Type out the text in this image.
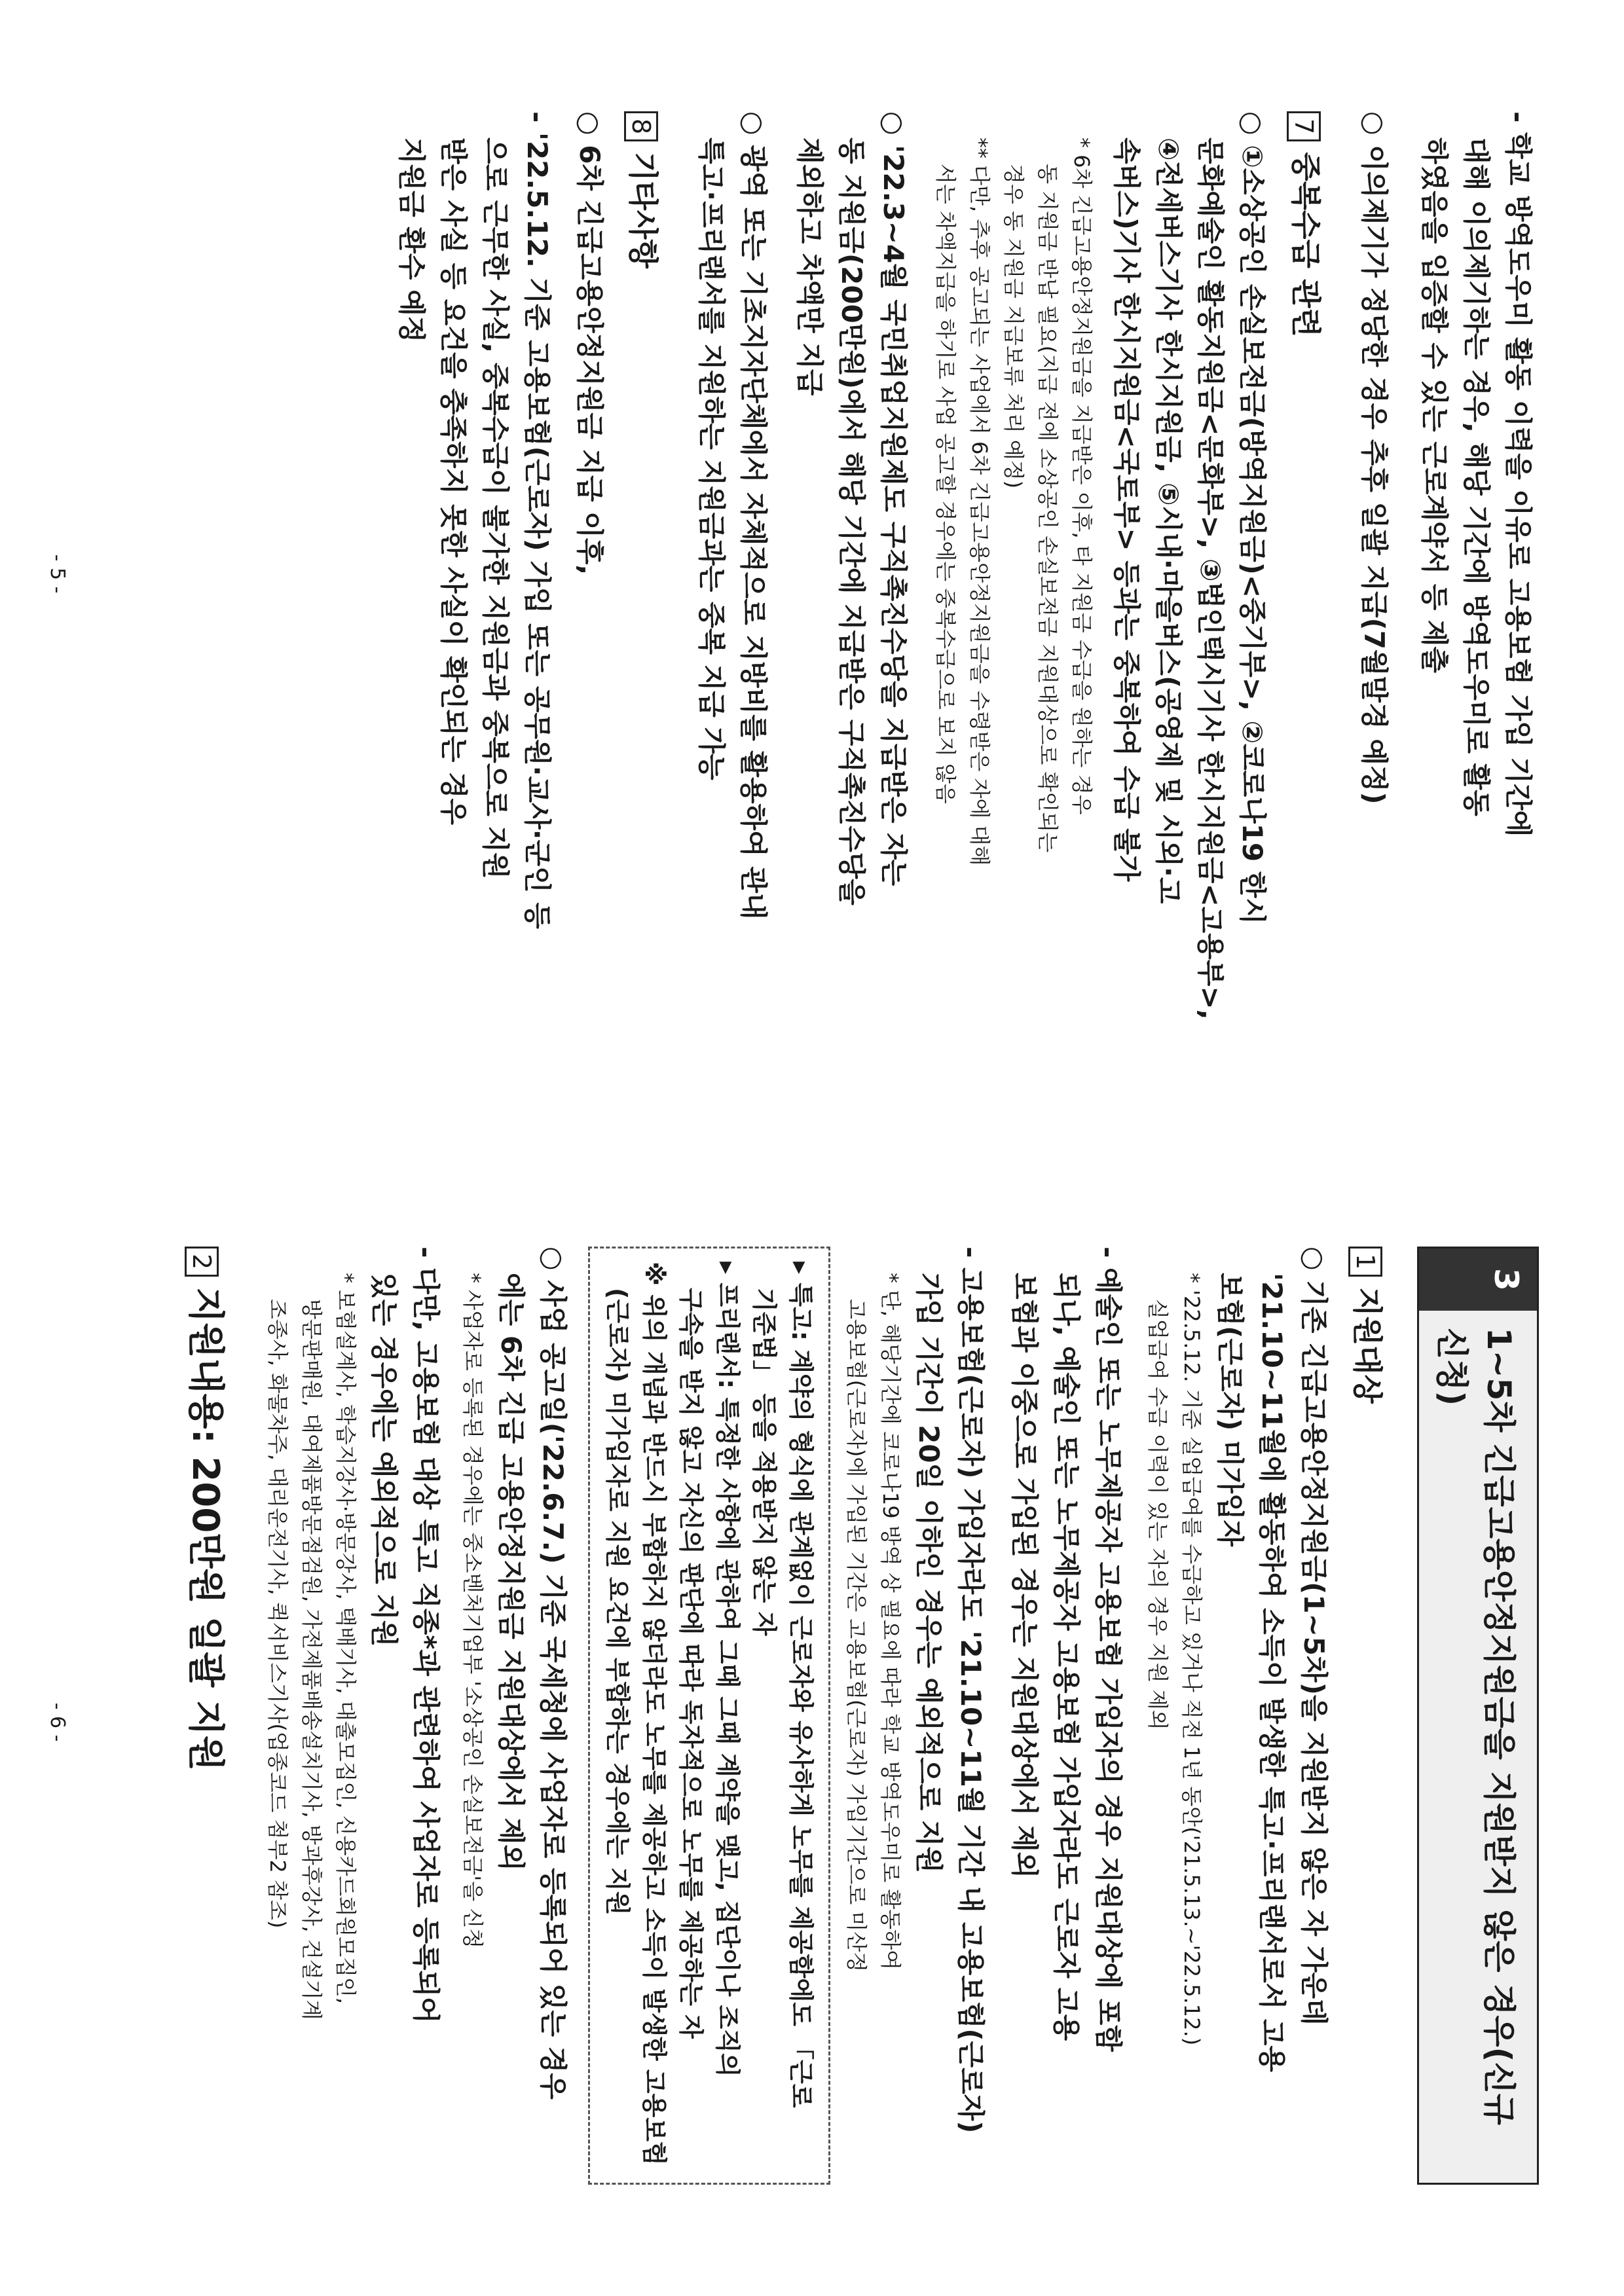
- 학교 방역도우미 활동 이력을 이유로 고용보험 가입 기간에
대해 이의제기하는 경우, 해당 기간에 방역도우미로 활동
하였음을 입증할 수 있는 근로계약서 등 제출
○ 이의제기가 정당한 경우 추후 일괄 지급(7월말경 예정)
7중복수급 관련
○ ①소상공인 손실보전금(방역지원금)<중기부>, ②코로나19 한시
문화예술인 활동지원금<문화부>, ③법인택시기사 한시지원금<고용부>,
④전세버스기사 한시지원금, ⑤시내·마을버스(공영제 및 시외·고
속버스)기사 한시지원금<국토부> 등과는 중복하여 수급 불가
* 6차 긴급고용안정지원금을 지급받은 이후, 타 지원금 수급을 원하는 경우
동 지원금 반납 필요(지급 전에 소상공인 손실보전금 지원대상으로 확인되는
경우 동 지원금 지급보류 처리 예정)
** 다만, 추후 공고되는 사업에서 6차 긴급고용안정지원금을 수령받은 자에 대해
서는 차액지급을 하기로 사업 공고할 경우에는 중복수급으로 보지 않음
○ '22.3~4월 국민취업지원제도 구직촉진수당을 지급받은 자는
동 지원금(200만원)에서 해당 기간에 지급받은 구직촉진수당을
제외하고 차액만 지급
○ 광역 또는 기초지자단체에서 자체적으로 지방비를 활용하여 관내
특고·프리랜서를 지원하는 지원금과는 중복 지급 가능
8기타사항
○ 6차 긴급고용안정지원금 지급 이후,
- '22.5.12. 기준 고용보험(근로자) 가입 또는 공무원·교사·군인 등
으로 근무한 사실, 중복수급이 불가한 지원금과 중복으로 지원
받은 사실 등 요건을 충족하지 못한 사실이 확인되는 경우
지원금 환수 예정
- 5 -
3
1~5차 긴급고용안정지원금을 지원받지 않은 경우(신규 신청)
1지원대상
○ 기존 긴급고용안정지원금(1~5차)을 지원받지 않은 자 가운데
'21.10~11월에 활동하여 소득이 발생한 특고·프리랜서로서 고용
보험(근로자) 미가입자
* '22.5.12. 기준 실업급여를 수급하고 있거나 직전 1년 동안('21.5.13.~'22.5.12.)
실업급여 수급 이력이 있는 자의 경우 지원 제외
- 예술인 또는 노무제공자 고용보험 가입자의 경우 지원대상에 포함
되나, 예술인 또는 노무제공자 고용보험 가입자라도 근로자 고용
보험과 이중으로 가입된 경우는 지원대상에서 제외
- 고용보험(근로자) 가입자라도 '21.10~11월 기간 내 고용보험(근로자)
가입 기간이 20일 이하인 경우는 예외적으로 지원
* 단, 해당기간에 코로나19 방역 상 필요에 따라 학교 방역도우미로 활동하여
고용보험(근로자)에 가입된 기간은 고용보험(근로자) 가입기간으로 미산정
▸ 특고: 계약의 형식에 관계없이 근로자와 유사하게 노무를 제공함에도 「근로
기준법」 등을 적용받지 않는 자
▸ 프리랜서: 특정한 사항에 관하여 그때 그때 계약을 맺고, 집단이나 조직의
구속을 받지 않고 자신의 판단에 따라 독자적으로 노무를 제공하는 자
※ 위의 개념과 반드시 부합하지 않더라도 노무를 제공하고 소득이 발생한 고용보험
(근로자) 미가입자로 지원 요건에 부합하는 경우에는 지원
○ 사업 공고일('22.6.7.) 기준 국세청에 사업자로 등록되어 있는 경우
에는 6차 긴급 고용안정지원금 지원대상에서 제외
* 사업자로 등록된 경우에는 중소벤처기업부 '소상공인 손실보전금'을 신청
- 다만, 고용보험 대상 특고 직종*과 관련하여 사업자로 등록되어
있는 경우에는 예외적으로 지원
* 보험설계사, 학습지강사·방문강사, 택배기사, 대출모집인, 신용카드회원모집인,
방문판매원, 대여제품방문점검원, 가전제품배송설치기사, 방과후강사, 건설기계
조종사, 화물차주, 대리운전기사, 퀵서비스기사(업종코드 첨부2 참조)
2지원내용: 200만원 일괄 지원
- 6 -
